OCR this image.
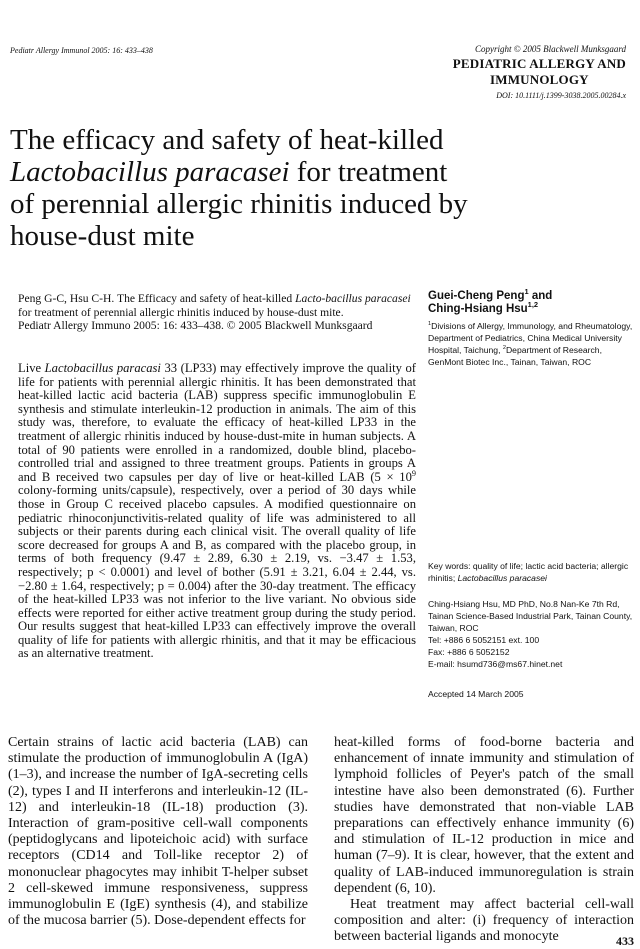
Pediatr Allergy Immunol 2005: 16: 433–438	Copyright © 2005 Blackwell Munksgaard
PEDIATRIC ALLERGY AND
IMMUNOLOGY
DOI: 10.1111/j.1399-3038.2005.00284.x
The efficacy and safety of heat-killed
Lactobacillus paracasei for treatment
of perennial allergic rhinitis induced by
house-dust mite
Peng G-C, Hsu C-H. The Efficacy and safety of heat-killed Lacto-bacillus paracasei for treatment of perennial allergic rhinitis induced by house-dust mite.
Pediatr Allergy Immuno 2005: 16: 433–438. © 2005 Blackwell Munksgaard
Live Lactobacillus paracasi 33 (LP33) may effectively improve the quality of life for patients with perennial allergic rhinitis. It has been demonstrated that heat-killed lactic acid bacteria (LAB) suppress specific immunoglobulin E synthesis and stimulate interleukin-12 production in animals. The aim of this study was, therefore, to evaluate the efficacy of heat-killed LP33 in the treatment of allergic rhinitis induced by house-dust-mite in human subjects. A total of 90 patients were enrolled in a randomized, double blind, placebo-controlled trial and assigned to three treatment groups. Patients in groups A and B received two capsules per day of live or heat-killed LAB ($5 \times 10^9$ colony-forming units/capsule), respectively, over a period of 30 days while those in Group C received placebo capsules. A modified questionnaire on pediatric rhinoconjunctivitis-related quality of life was administered to all subjects or their parents during each clinical visit. The overall quality of life score decreased for groups A and B, as compared with the placebo group, in terms of both frequency (9.47 ± 2.89, 6.30 ± 2.19, vs. −3.47 ± 1.53, respectively; p < 0.0001) and level of bother (5.91 ± 3.21, 6.04 ± 2.44, vs. −2.80 ± 1.64, respectively; p = 0.004) after the 30-day treatment. The efficacy of the heat-killed LP33 was not inferior to the live variant. No obvious side effects were reported for either active treatment group during the study period. Our results suggest that heat-killed LP33 can effectively improve the overall quality of life for patients with allergic rhinitis, and that it may be efficacious as an alternative treatment.
Guei-Cheng Peng$^1$ and
Ching-Hsiang Hsu$^{1,2}$
$^1$Divisions of Allergy, Immunology, and Rheumatology, Department of Pediatrics, China Medical University Hospital, Taichung, $^2$Department of Research, GenMont Biotec Inc., Tainan, Taiwan, ROC
Key words: quality of life; lactic acid bacteria; allergic rhinitis; Lactobacillus paracasei
Ching-Hsiang Hsu, MD PhD, No.8 Nan-Ke 7th Rd, Tainan Science-Based Industrial Park, Tainan County, Taiwan, ROC
Tel: +886 6 5052151 ext. 100
Fax: +886 6 5052152
E-mail: hsumd736@ms67.hinet.net
Accepted 14 March 2005

Certain strains of lactic acid bacteria (LAB) can stimulate the production of immunoglobulin A (IgA) (1–3), and increase the number of IgA-secreting cells (2), types I and II interferons and interleukin-12 (IL-12) and interleukin-18 (IL-18) production (3). Interaction of gram-positive cell-wall components (peptidoglycans and lipoteichoic acid) with surface receptors (CD14 and Toll-like receptor 2) of mononuclear phagocytes may inhibit T-helper subset 2 cell-skewed immune responsiveness, suppress immunoglobulin E (IgE) synthesis (4), and stabilize of the mucosa barrier (5). Dose-dependent effects for

heat-killed forms of food-borne bacteria and enhancement of innate immunity and stimulation of lymphoid follicles of Peyer's patch of the small intestine have also been demonstrated (6). Further studies have demonstrated that non-viable LAB preparations can effectively enhance immunity (6) and stimulation of IL-12 production in mice and human (7–9). It is clear, however, that the extent and quality of LAB-induced immunoregulation is strain dependent (6, 10).

Heat treatment may affect bacterial cell-wall composition and alter: (i) frequency of interaction between bacterial ligands and monocyte	433
